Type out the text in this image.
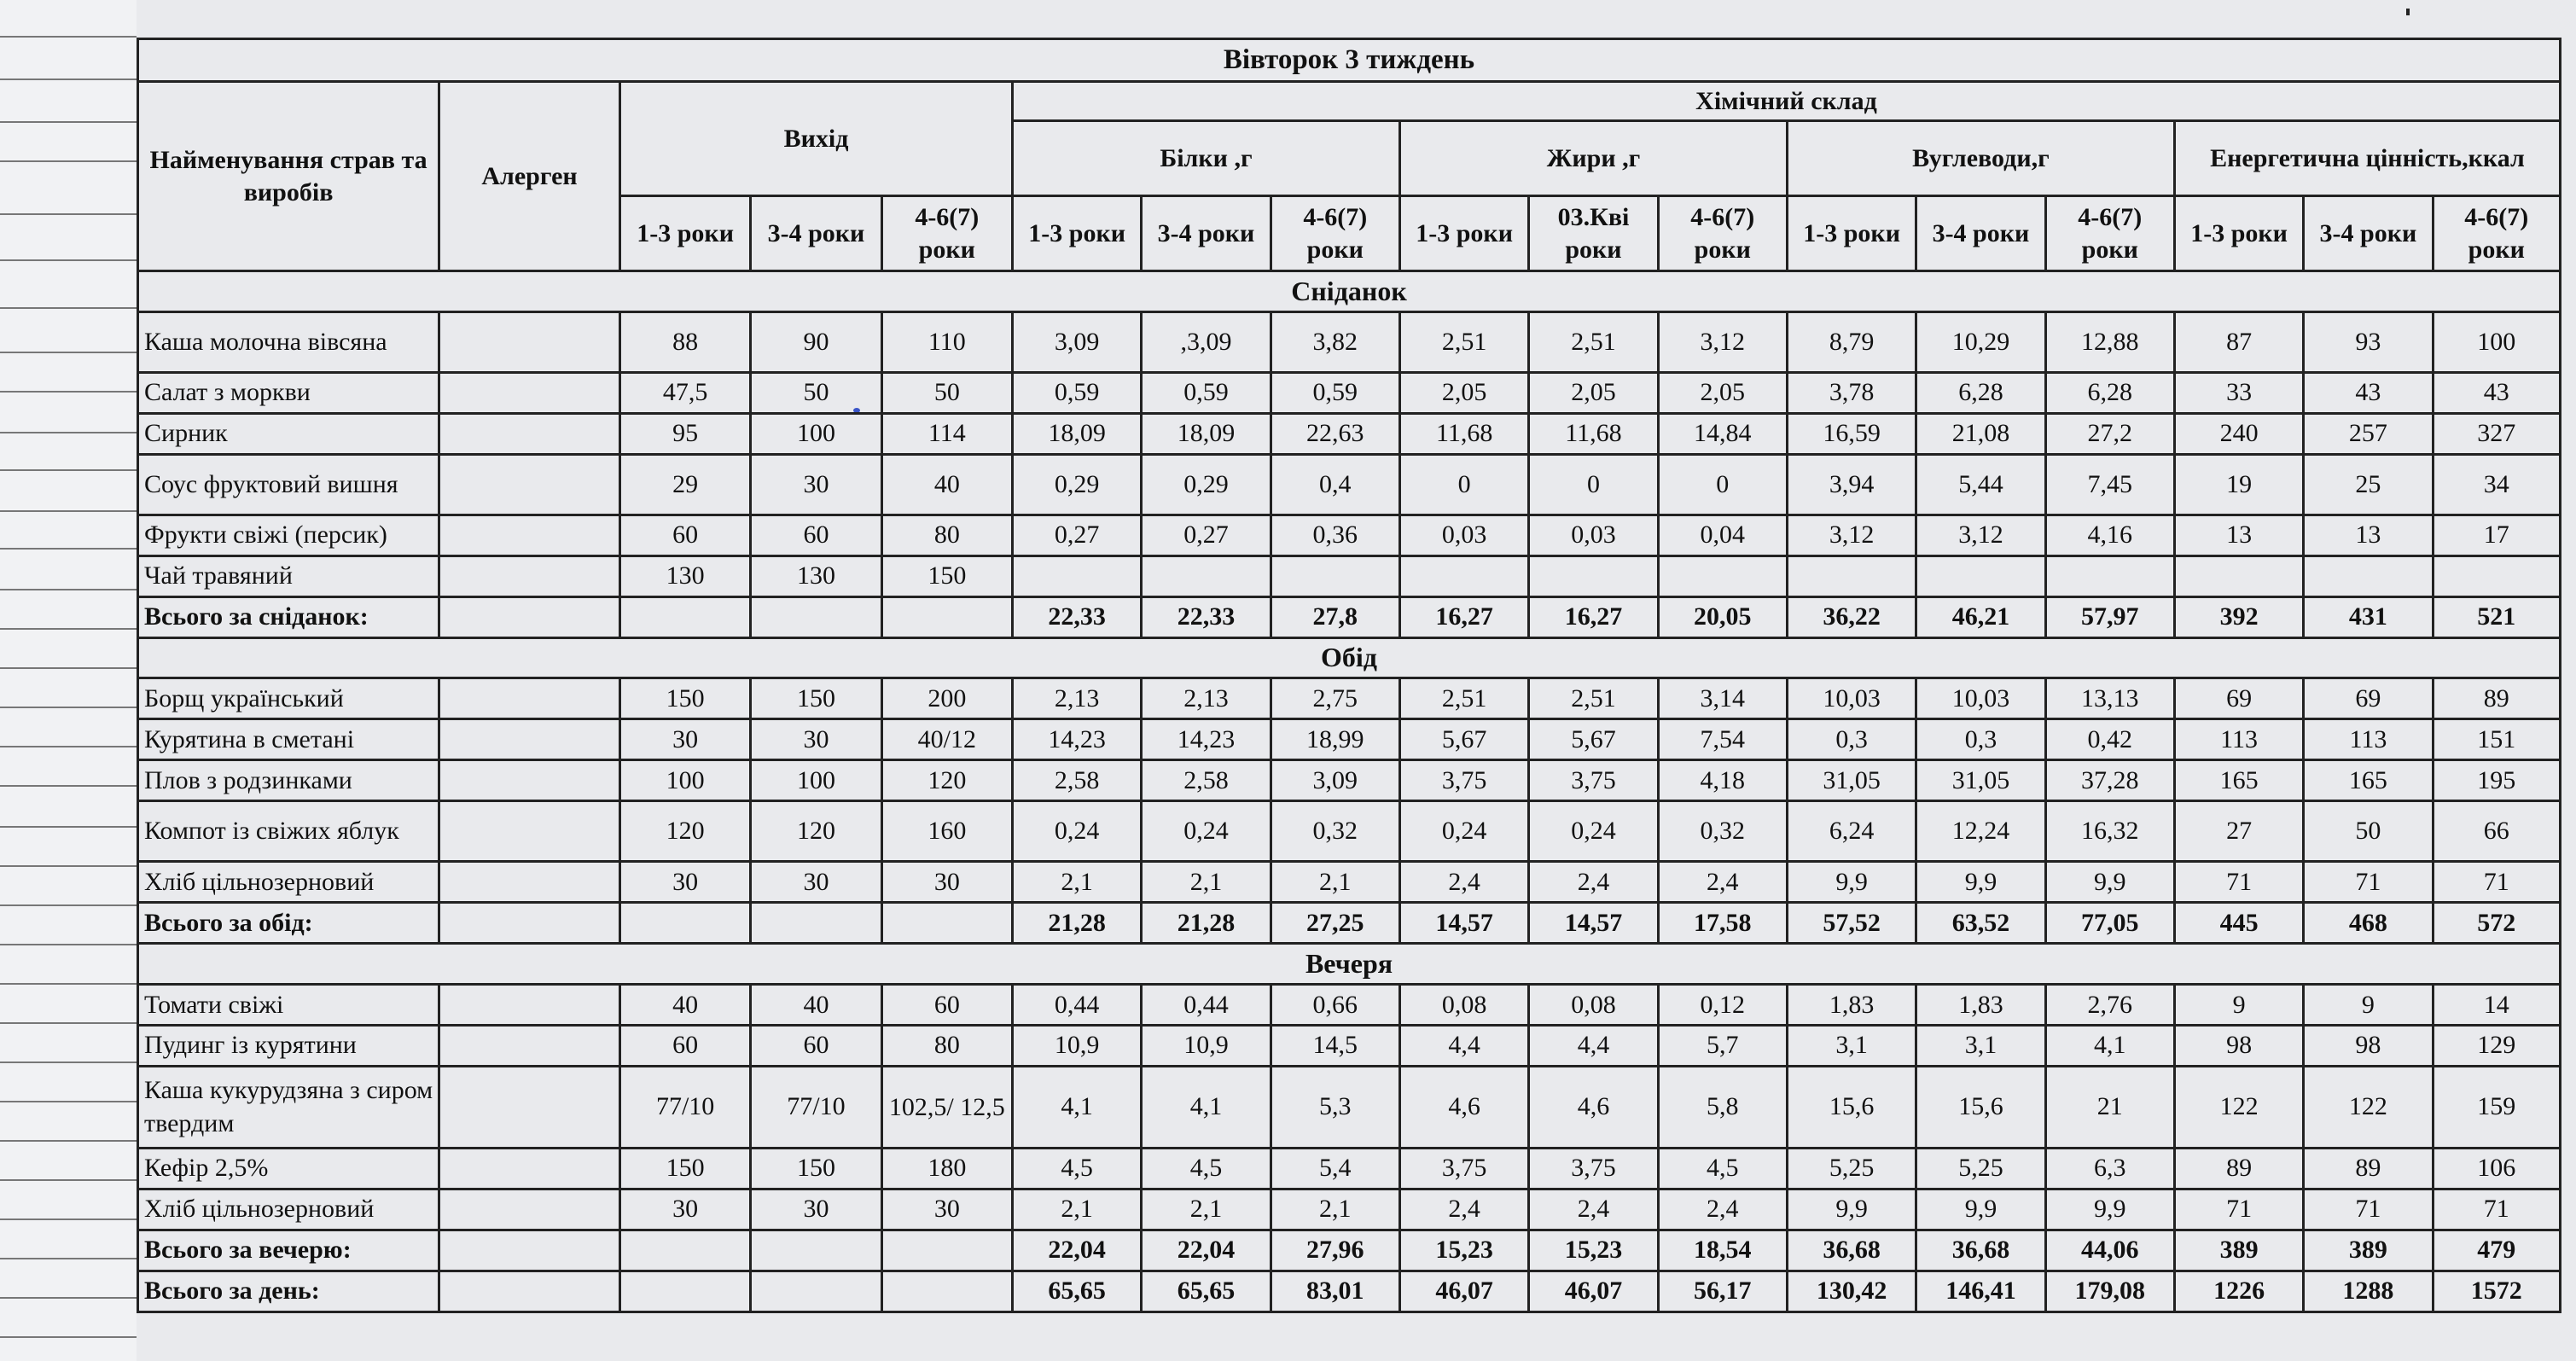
Вівторок 3 тиждень																
Найменування страв та виробів	Алерген	Вихід			Хімічний склад											
					Білки ,г			Жири ,г			Вуглеводи,г			Енергетична цінність,ккал		
		1-3 роки	3-4 роки	4-6(7) роки	1-3 роки	3-4 роки	4-6(7) роки	1-3 роки	03.Кві роки	4-6(7) роки	1-3 роки	3-4 роки	4-6(7) роки	1-3 роки	3-4 роки	4-6(7) роки
Сніданок																
Каша молочна вівсяна		88	90	110	3,09	,3,09	3,82	2,51	2,51	3,12	8,79	10,29	12,88	87	93	100
Салат з моркви		47,5	50	50	0,59	0,59	0,59	2,05	2,05	2,05	3,78	6,28	6,28	33	43	43
Сирник		95	100	114	18,09	18,09	22,63	11,68	11,68	14,84	16,59	21,08	27,2	240	257	327
Соус фруктовий вишня		29	30	40	0,29	0,29	0,4	0	0	0	3,94	5,44	7,45	19	25	34
Фрукти свіжі (персик)		60	60	80	0,27	0,27	0,36	0,03	0,03	0,04	3,12	3,12	4,16	13	13	17
Чай травяний		130	130	150												
Всього за сніданок:					22,33	22,33	27,8	16,27	16,27	20,05	36,22	46,21	57,97	392	431	521
Обід																
Борщ український		150	150	200	2,13	2,13	2,75	2,51	2,51	3,14	10,03	10,03	13,13	69	69	89
Курятина в сметані		30	30	40/12	14,23	14,23	18,99	5,67	5,67	7,54	0,3	0,3	0,42	113	113	151
Плов з родзинками		100	100	120	2,58	2,58	3,09	3,75	3,75	4,18	31,05	31,05	37,28	165	165	195
Компот із свіжих яблук		120	120	160	0,24	0,24	0,32	0,24	0,24	0,32	6,24	12,24	16,32	27	50	66
Хліб цільнозерновий		30	30	30	2,1	2,1	2,1	2,4	2,4	2,4	9,9	9,9	9,9	71	71	71
Всього за обід:					21,28	21,28	27,25	14,57	14,57	17,58	57,52	63,52	77,05	445	468	572
Вечеря																
Томати свіжі		40	40	60	0,44	0,44	0,66	0,08	0,08	0,12	1,83	1,83	2,76	9	9	14
Пудинг із курятини		60	60	80	10,9	10,9	14,5	4,4	4,4	5,7	3,1	3,1	4,1	98	98	129
Каша кукурудзяна з сиром твердим		77/10	77/10	102,5/ 12,5	4,1	4,1	5,3	4,6	4,6	5,8	15,6	15,6	21	122	122	159
Кефір 2,5%		150	150	180	4,5	4,5	5,4	3,75	3,75	4,5	5,25	5,25	6,3	89	89	106
Хліб цільнозерновий		30	30	30	2,1	2,1	2,1	2,4	2,4	2,4	9,9	9,9	9,9	71	71	71
Всього за вечерю:					22,04	22,04	27,96	15,23	15,23	18,54	36,68	36,68	44,06	389	389	479
Всього за день:					65,65	65,65	83,01	46,07	46,07	56,17	130,42	146,41	179,08	1226	1288	1572
